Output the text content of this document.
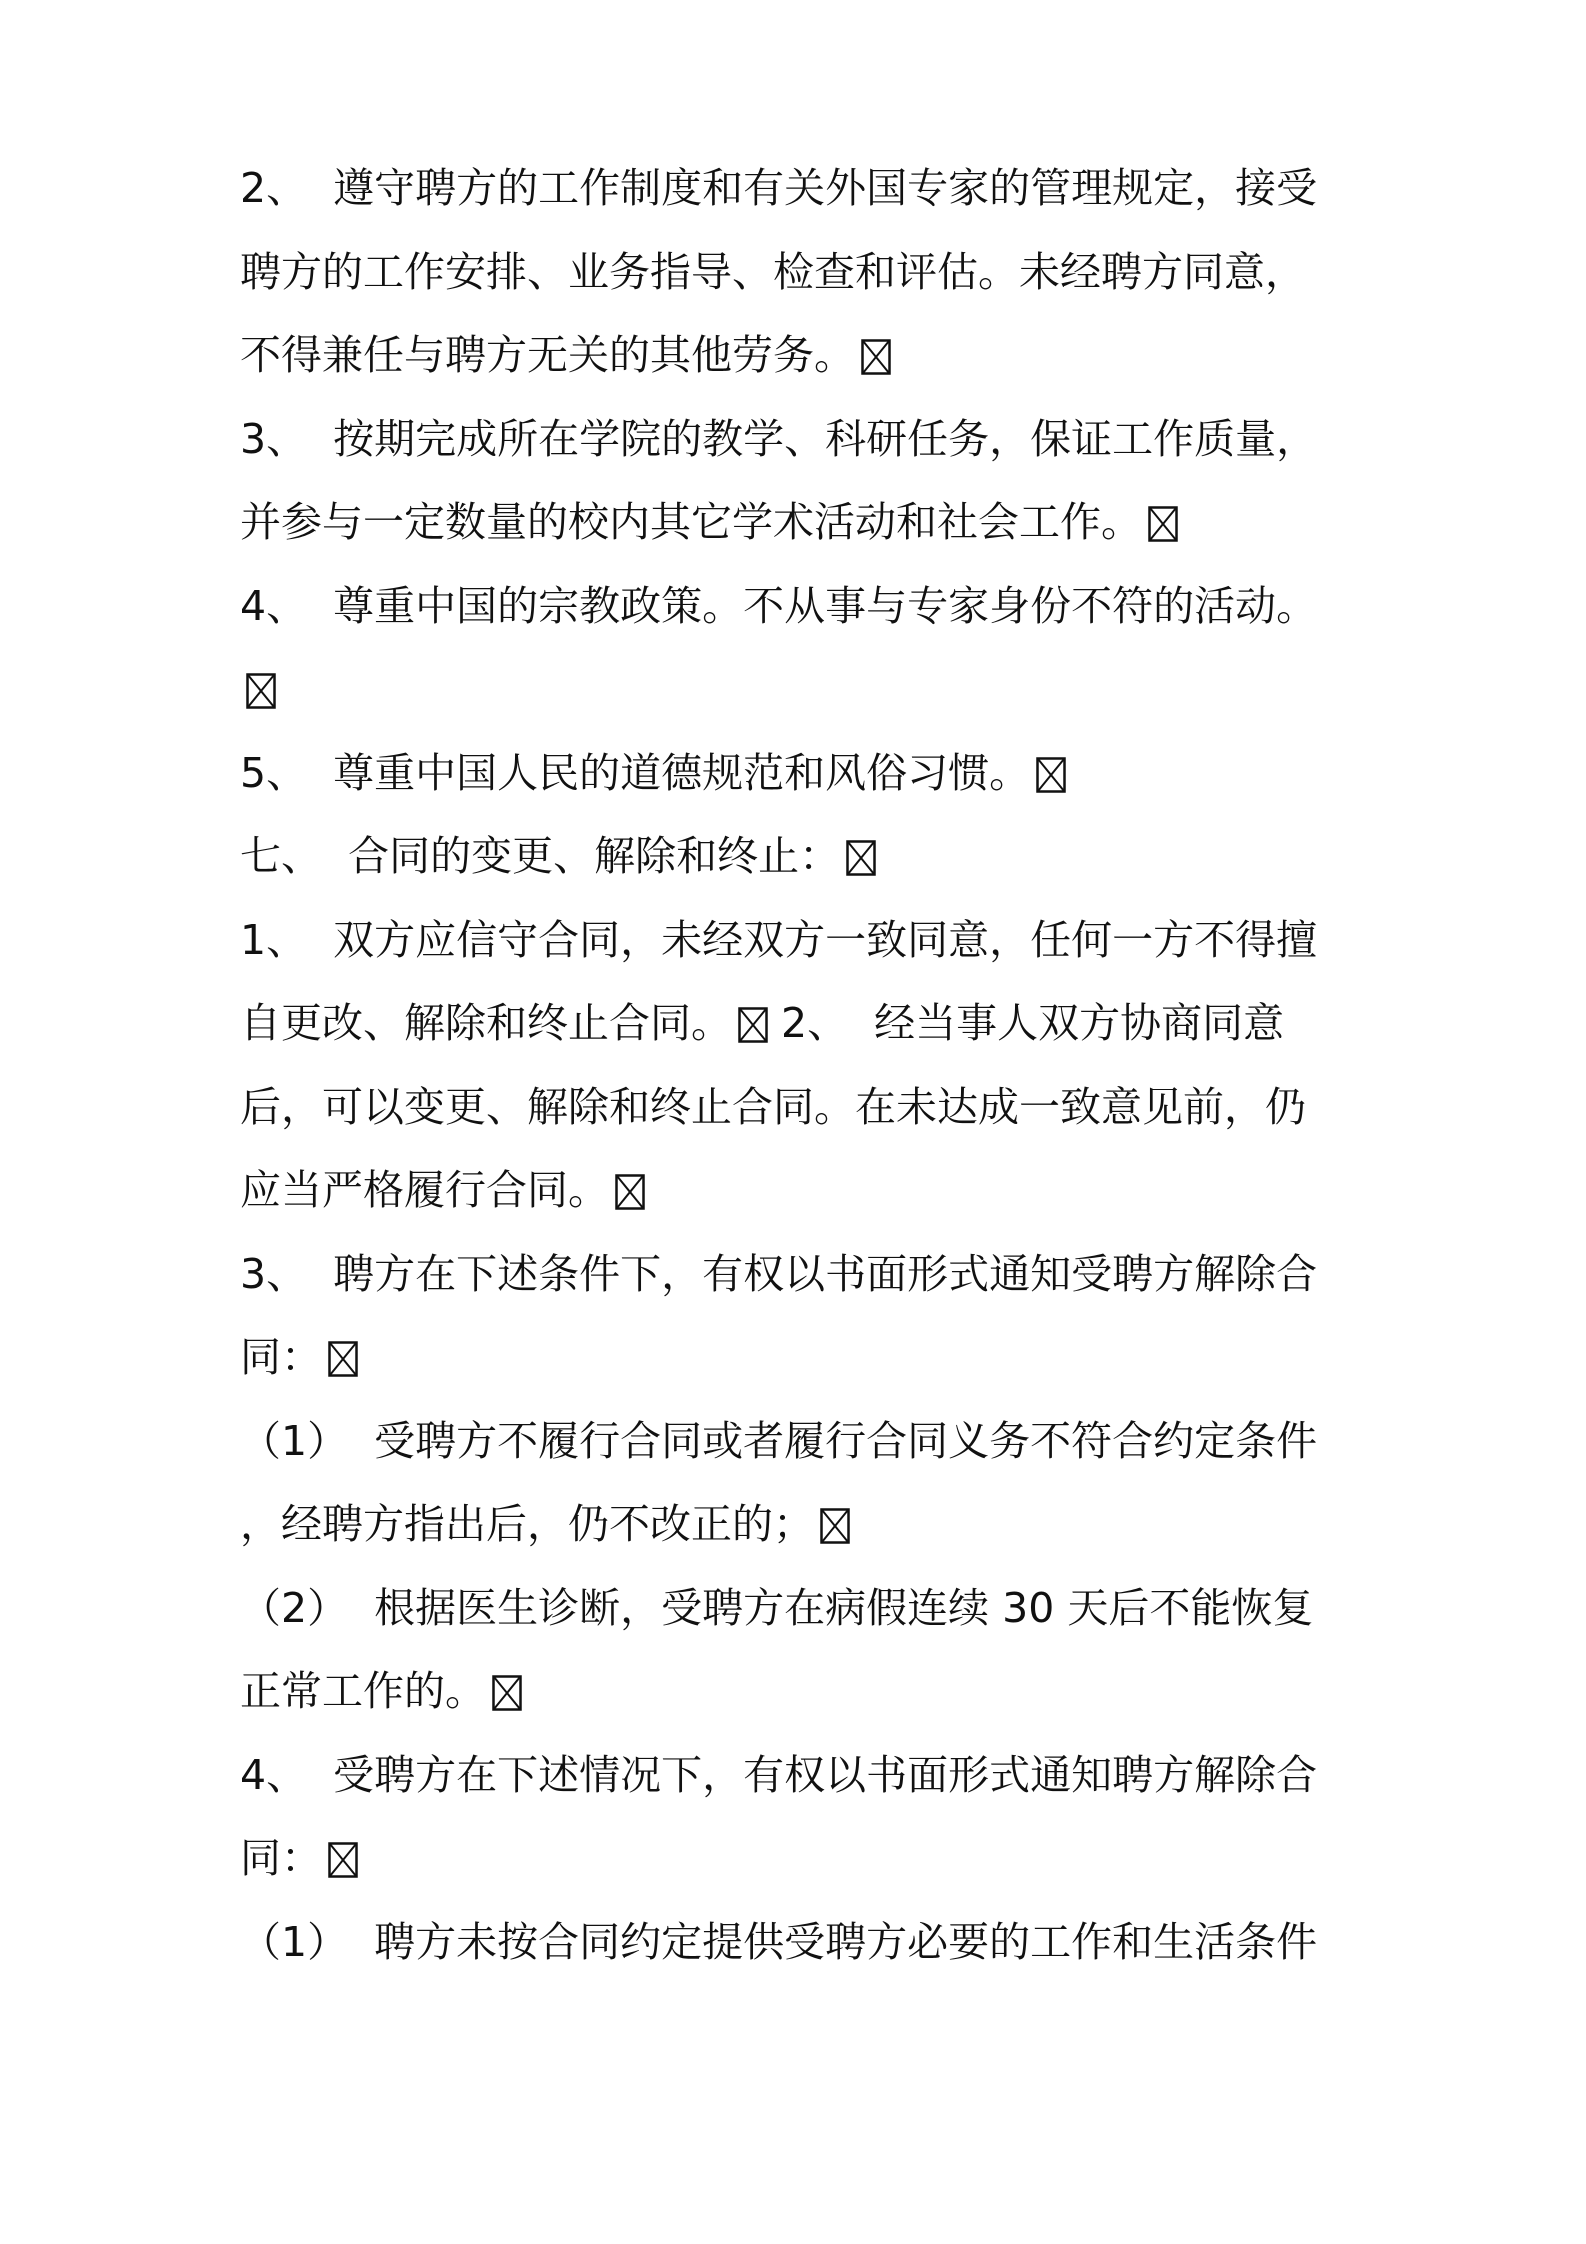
2、  遵守聘方的工作制度和有关外国专家的管理规定，接受
聘方的工作安排、业务指导、检查和评估。未经聘方同意，
不得兼任与聘方无关的其他劳务。
3、  按期完成所在学院的教学、科研任务，保证工作质量，
并参与一定数量的校内其它学术活动和社会工作。
4、  尊重中国的宗教政策。不从事与专家身份不符的活动。
5、  尊重中国人民的道德规范和风俗习惯。
七、  合同的变更、解除和终止：
1、  双方应信守合同，未经双方一致同意，任何一方不得擅
自更改、解除和终止合同。
2、  经当事人双方协商同意
后，可以变更、解除和终止合同。在未达成一致意见前，仍
应当严格履行合同。
3、  聘方在下述条件下，有权以书面形式通知受聘方解除合
同：
（1）  受聘方不履行合同或者履行合同义务不符合约定条件
，经聘方指出后，仍不改正的；
（2）  根据医生诊断，受聘方在病假连续 30 天后不能恢复
正常工作的。
4、  受聘方在下述情况下，有权以书面形式通知聘方解除合
同：
（1）  聘方未按合同约定提供受聘方必要的工作和生活条件
